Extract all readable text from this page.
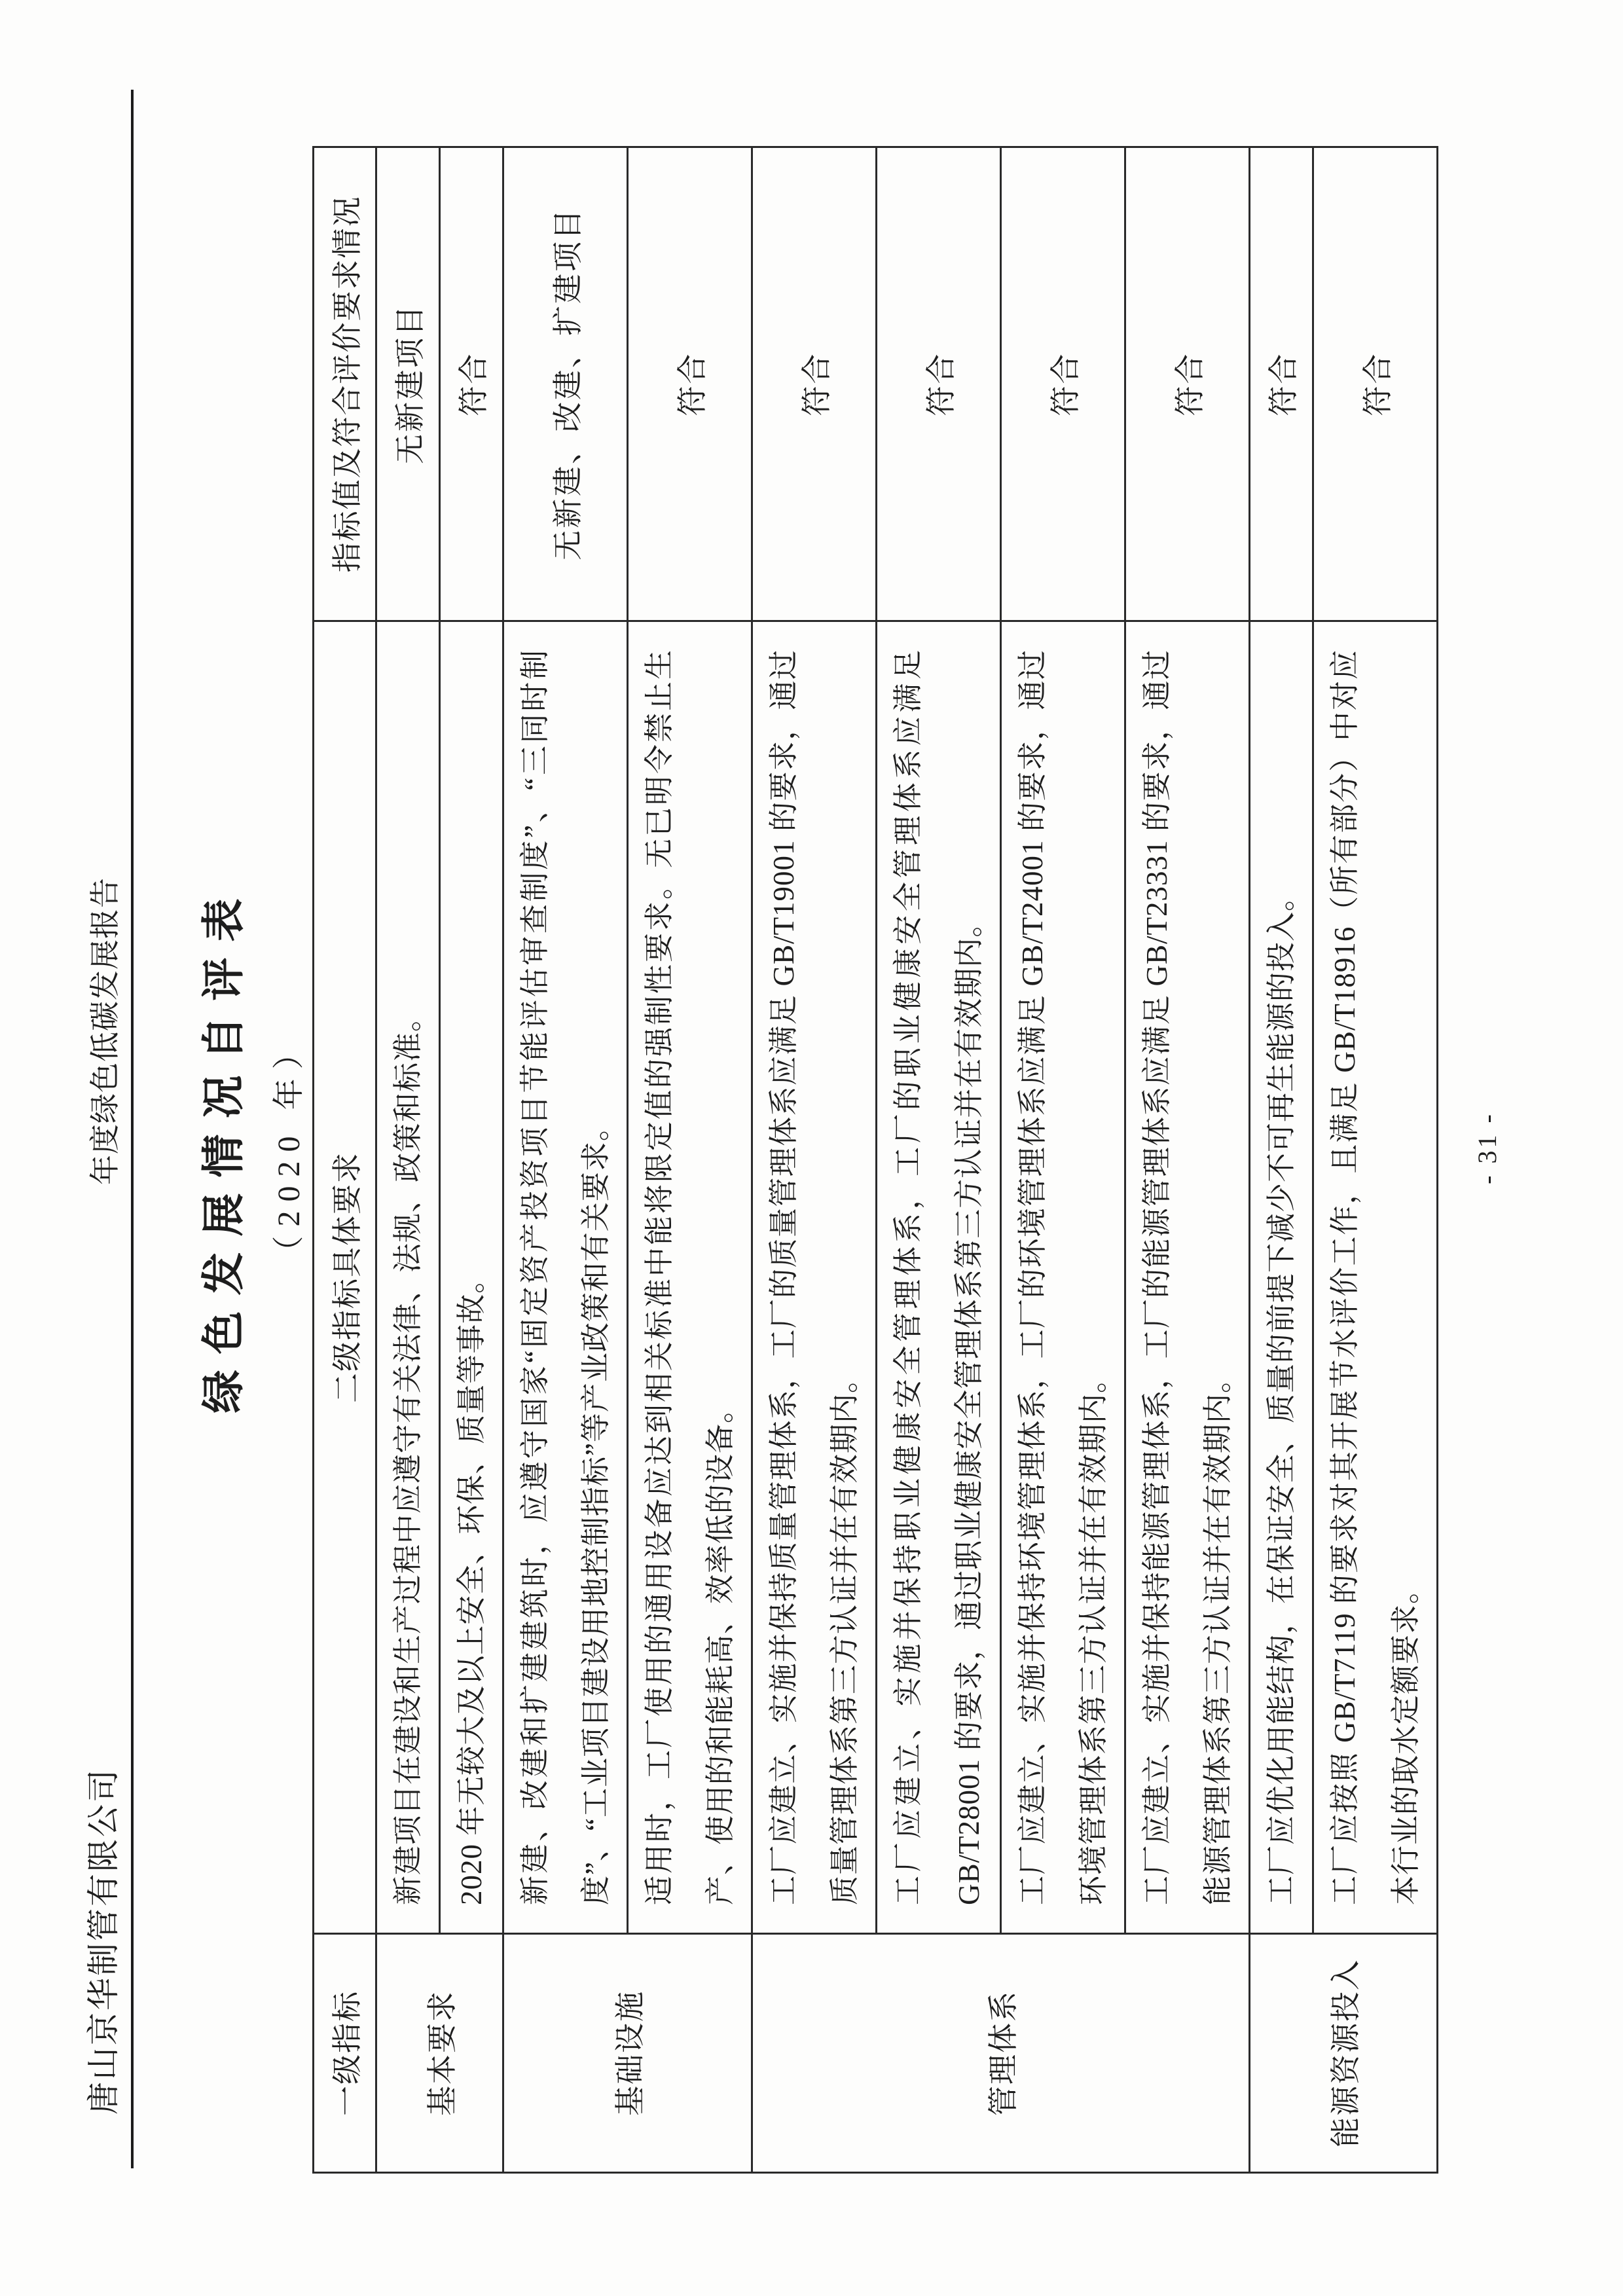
唐山京华制管有限公司
年度绿色低碳发展报告 绿色发展情况自评表 （2020 年）
一级指标	二级指标具体要求	指标值及符合评价要求情况
基本要求	新建项目在建设和生产过程中应遵守有关法律、法规、政策和标准。	无新建项目
	2020 年无较大及以上安全、环保、质量等事故。	符合
基础设施	新建、改建和扩建建筑时，应遵守国家“固定资产投资项目节能评估审查制度”、“三同时制度”、“工业项目建设用地控制指标”等产业政策和有关要求。	无新建、改建、扩建项目
	适用时，工厂使用的通用设备应达到相关标准中能将限定值的强制性要求。无已明令禁止生产、使用的和能耗高、效率低的设备。	符合
管理体系	工厂应建立、实施并保持质量管理体系，工厂的质量管理体系应满足 GB/T19001 的要求，通过质量管理体系第三方认证并在有效期内。	符合
	工厂应建立、实施并保持职业健康安全管理体系，工厂的职业健康安全管理体系应满足 GB/T28001 的要求，通过职业健康安全管理体系第三方认证并在有效期内。	符合
	工厂应建立、实施并保持环境管理体系，工厂的环境管理体系应满足 GB/T24001 的要求，通过环境管理体系第三方认证并在有效期内。	符合
	工厂应建立、实施并保持能源管理体系，工厂的能源管理体系应满足 GB/T23331 的要求，通过能源管理体系第三方认证并在有效期内。	符合
能源资源投入	工厂应优化用能结构，在保证安全、质量的前提下减少不可再生能源的投入。	符合
	工厂应按照 GB/T7119 的要求对其开展节水评价工作，且满足 GB/T18916（所有部分）中对应本行业的取水定额要求。	符合
- 31 -
